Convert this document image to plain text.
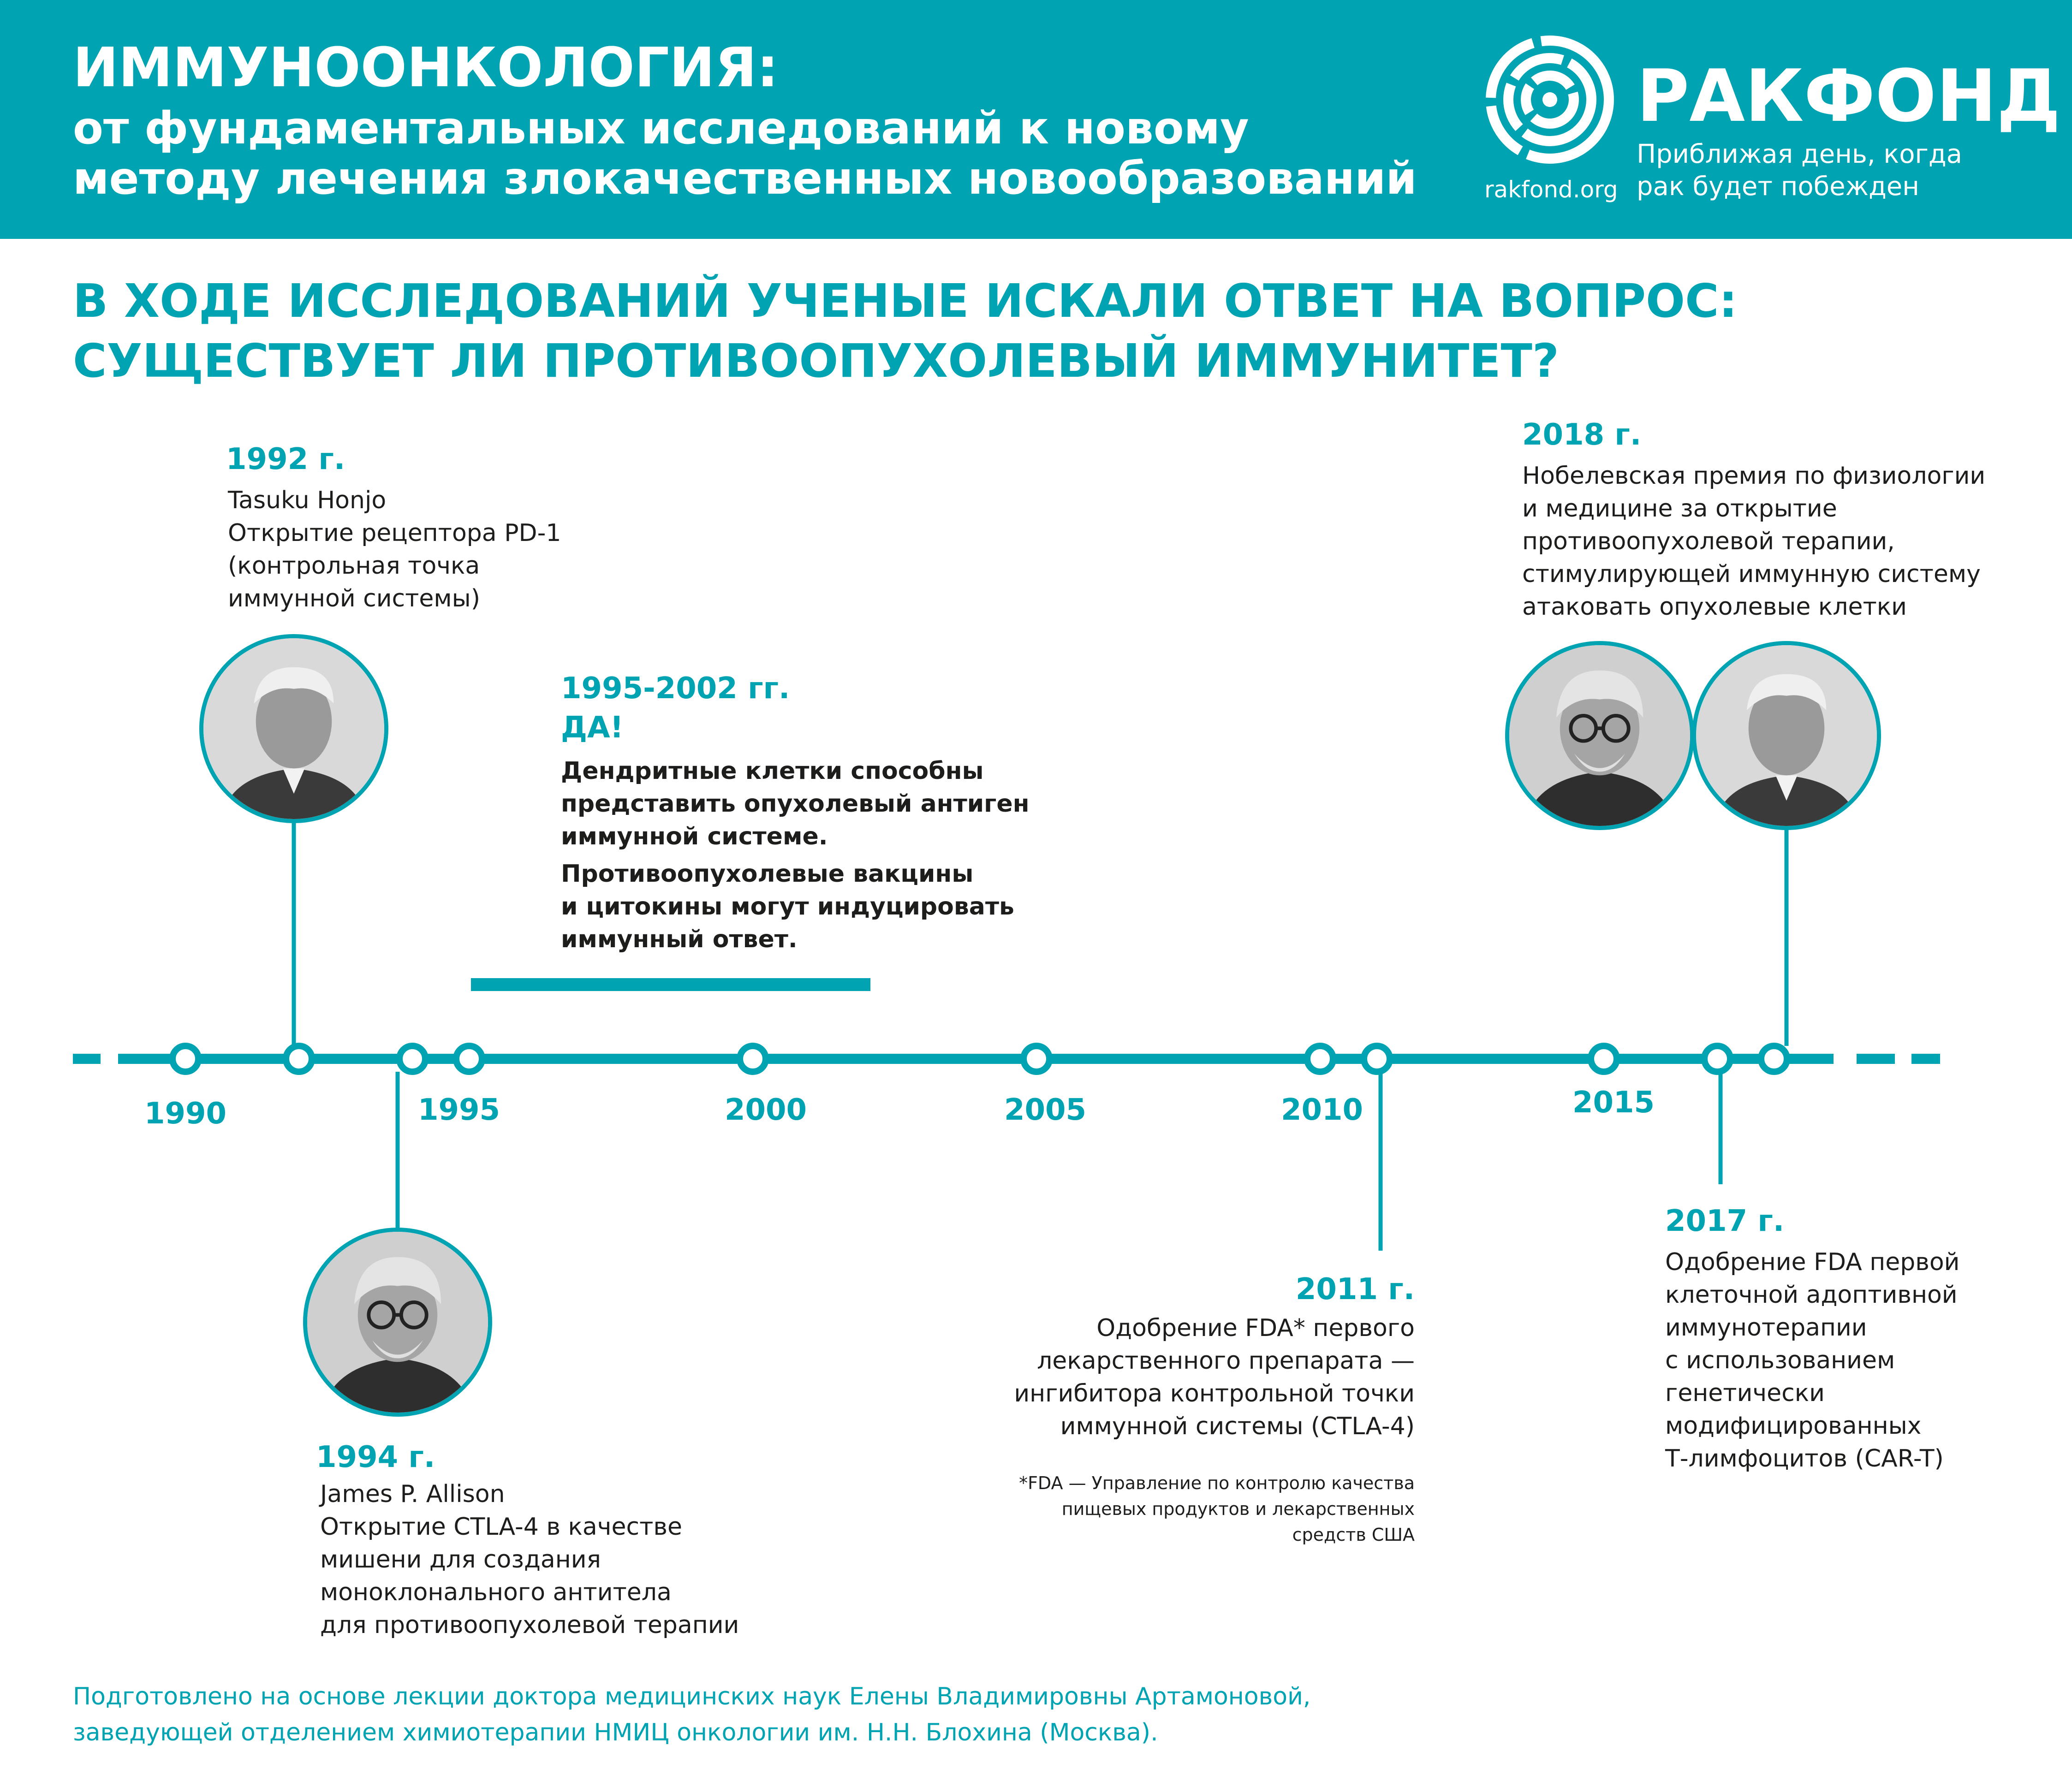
ИММУНООНКОЛОГИЯ:
от фундаментальных исследований к новому
методу лечения злокачественных новообразований
РАКФОНД
rakfond.org
Приближая день, когда
рак будет побежден
В ХОДЕ ИССЛЕДОВАНИЙ УЧЕНЫЕ ИСКАЛИ ОТВЕТ НА ВОПРОС:
СУЩЕСТВУЕТ ЛИ ПРОТИВООПУХОЛЕВЫЙ ИММУНИТЕТ?
1990	1995	2000	2005	2010	2015
1992 г.
Tasuku Honjo
Открытие рецептора PD-1
(контрольная точка
иммунной системы)
1995-2002 гг.
ДА!
Дендритные клетки способны
представить опухолевый антиген
иммунной системе.
Противоопухолевые вакцины
и цитокины могут индуцировать
иммунный ответ.
2018 г.
Нобелевская премия по физиологии
и медицине за открытие
противоопухолевой терапии,
стимулирующей иммунную систему
атаковать опухолевые клетки
1994 г.
James P. Allison
Открытие CTLA-4 в качестве
мишени для создания
моноклонального антитела
для противоопухолевой терапии
2011 г.
Одобрение FDA* первого
лекарственного препарата —
ингибитора контрольной точки
иммунной системы (CTLA-4)
*FDA — Управление по контролю качества
пищевых продуктов и лекарственных
средств США
2017 г.
Одобрение FDA первой
клеточной адоптивной
иммунотерапии
с использованием
генетически
модифицированных
Т-лимфоцитов (CAR-T)
Подготовлено на основе лекции доктора медицинских наук Елены Владимировны Артамоновой,
заведующей отделением химиотерапии НМИЦ онкологии им. Н.Н. Блохина (Москва).
